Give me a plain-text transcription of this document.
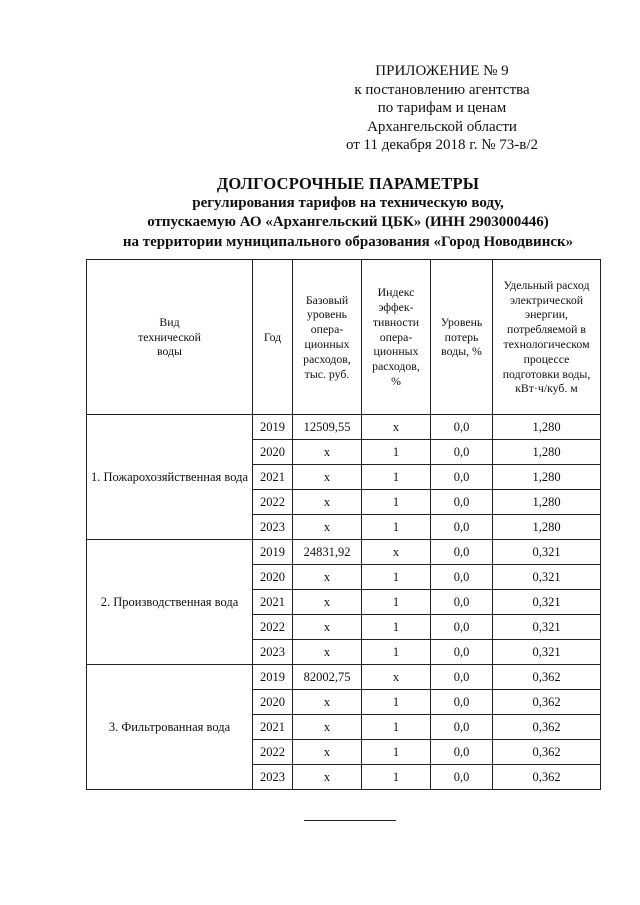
ПРИЛОЖЕНИЕ № 9
к постановлению агентства
по тарифам и ценам
Архангельской области
от 11 декабря 2018 г. № 73-в/2
ДОЛГОСРОЧНЫЕ ПАРАМЕТРЫ
регулирования тарифов на техническую воду,
отпускаемую АО «Архангельский ЦБК» (ИНН 2903000446)
на территории муниципального образования «Город Новодвинск»
Вид технической воды	Год	Базовый уровень опера-ционных расходов, тыс. руб.	Индекс эффек-тивности опера-ционных расходов, %	Уровень потерь воды, %	Удельный расход электрической энергии, потребляемой в технологическом процессе подготовки воды, кВт·ч/куб. м

1. Пожарохозяйственная вода	2019	12509,55	x	0,0	1,280
	2020	x	1	0,0	1,280
	2021	x	1	0,0	1,280
	2022	x	1	0,0	1,280
	2023	x	1	0,0	1,280
2. Производственная вода	2019	24831,92	x	0,0	0,321
	2020	x	1	0,0	0,321
	2021	x	1	0,0	0,321
	2022	x	1	0,0	0,321
	2023	x	1	0,0	0,321
3. Фильтрованная вода	2019	82002,75	x	0,0	0,362
	2020	x	1	0,0	0,362
	2021	x	1	0,0	0,362
	2022	x	1	0,0	0,362
	2023	x	1	0,0	0,362
